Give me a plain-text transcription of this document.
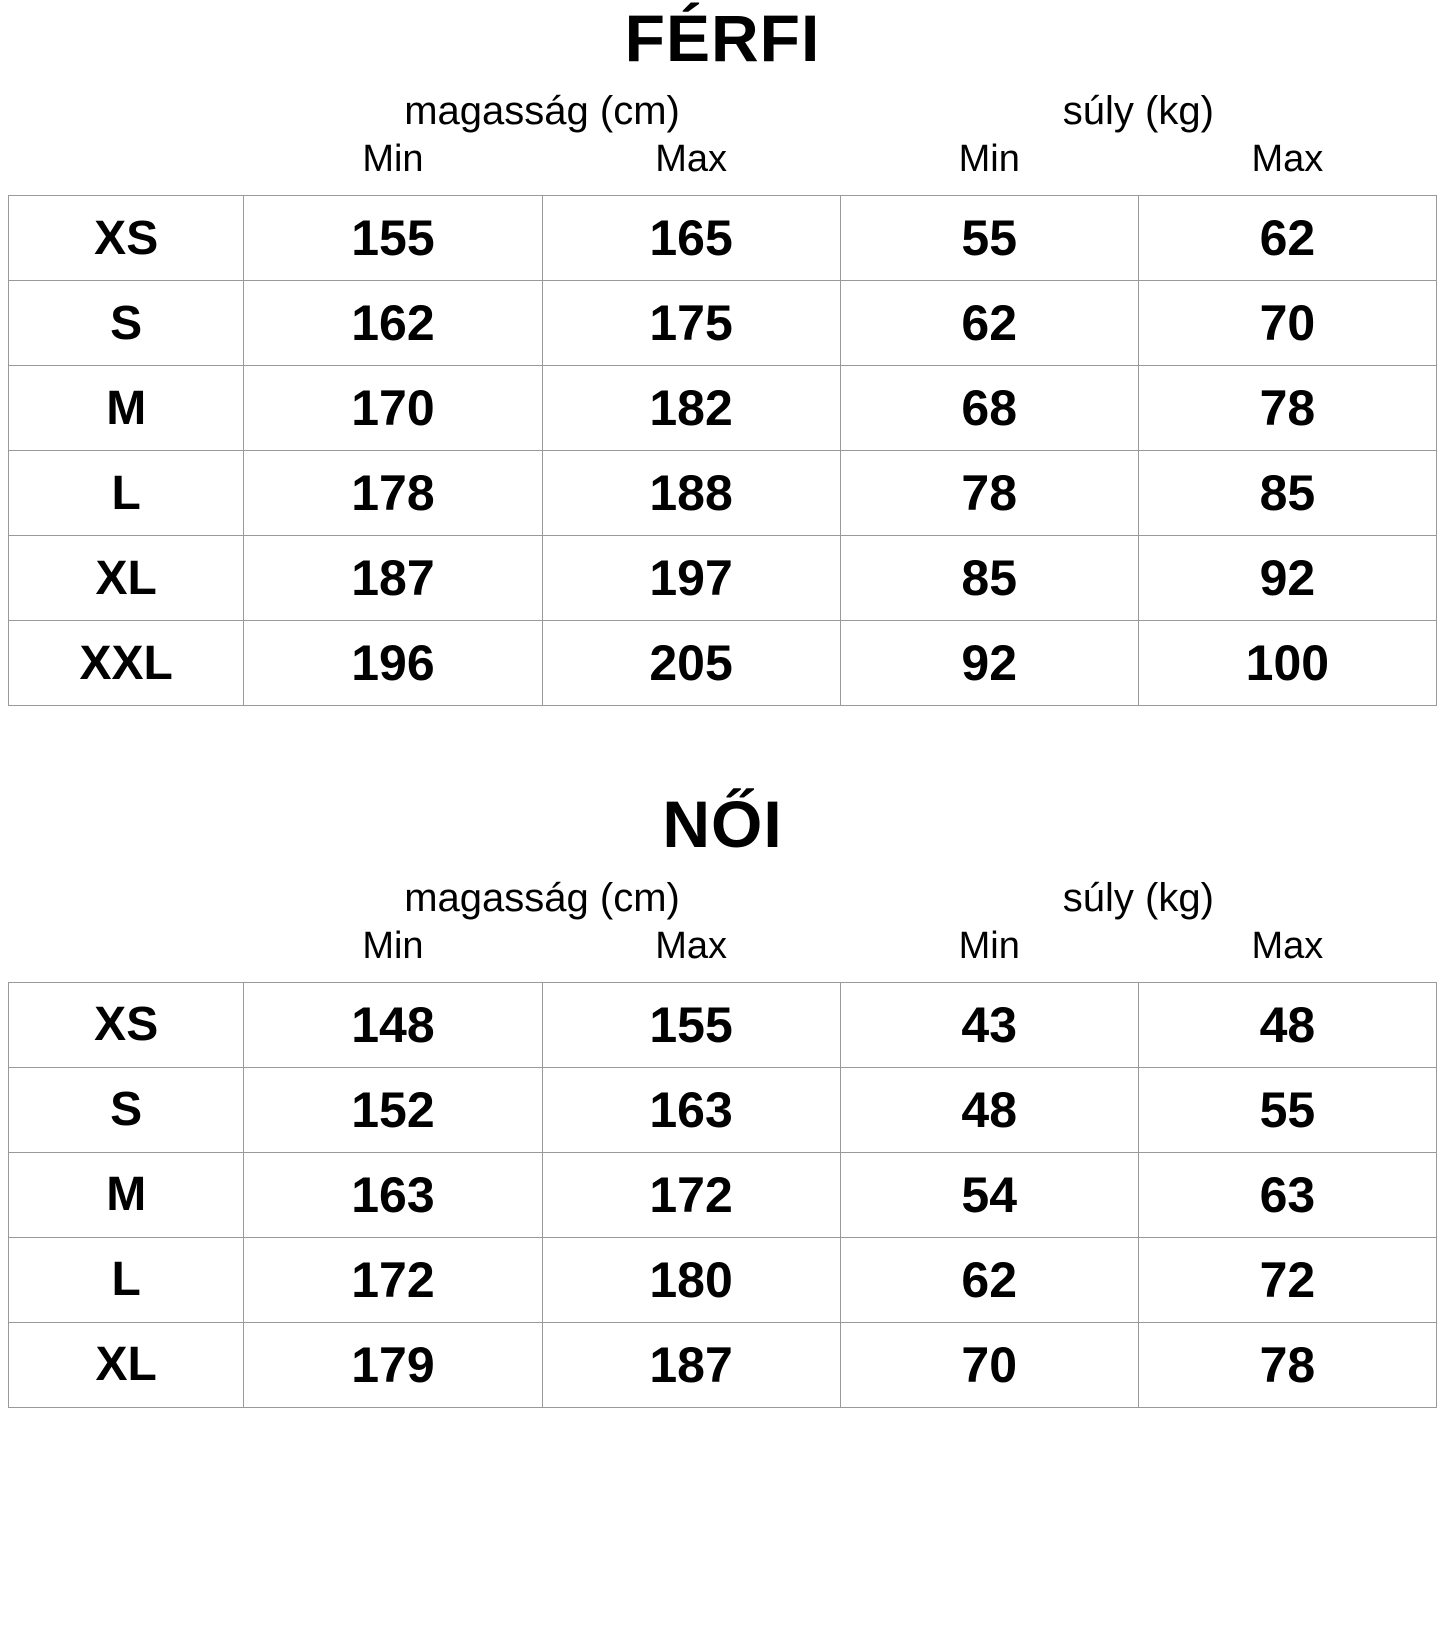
FÉRFI
	magasság (cm)		súly (kg)	
	Min	Max	Min	Max
XS	155	165	55	62
S	162	175	62	70
M	170	182	68	78
L	178	188	78	85
XL	187	197	85	92
XXL	196	205	92	100
NŐI
	magasság (cm)		súly (kg)	
	Min	Max	Min	Max
XS	148	155	43	48
S	152	163	48	55
M	163	172	54	63
L	172	180	62	72
XL	179	187	70	78
